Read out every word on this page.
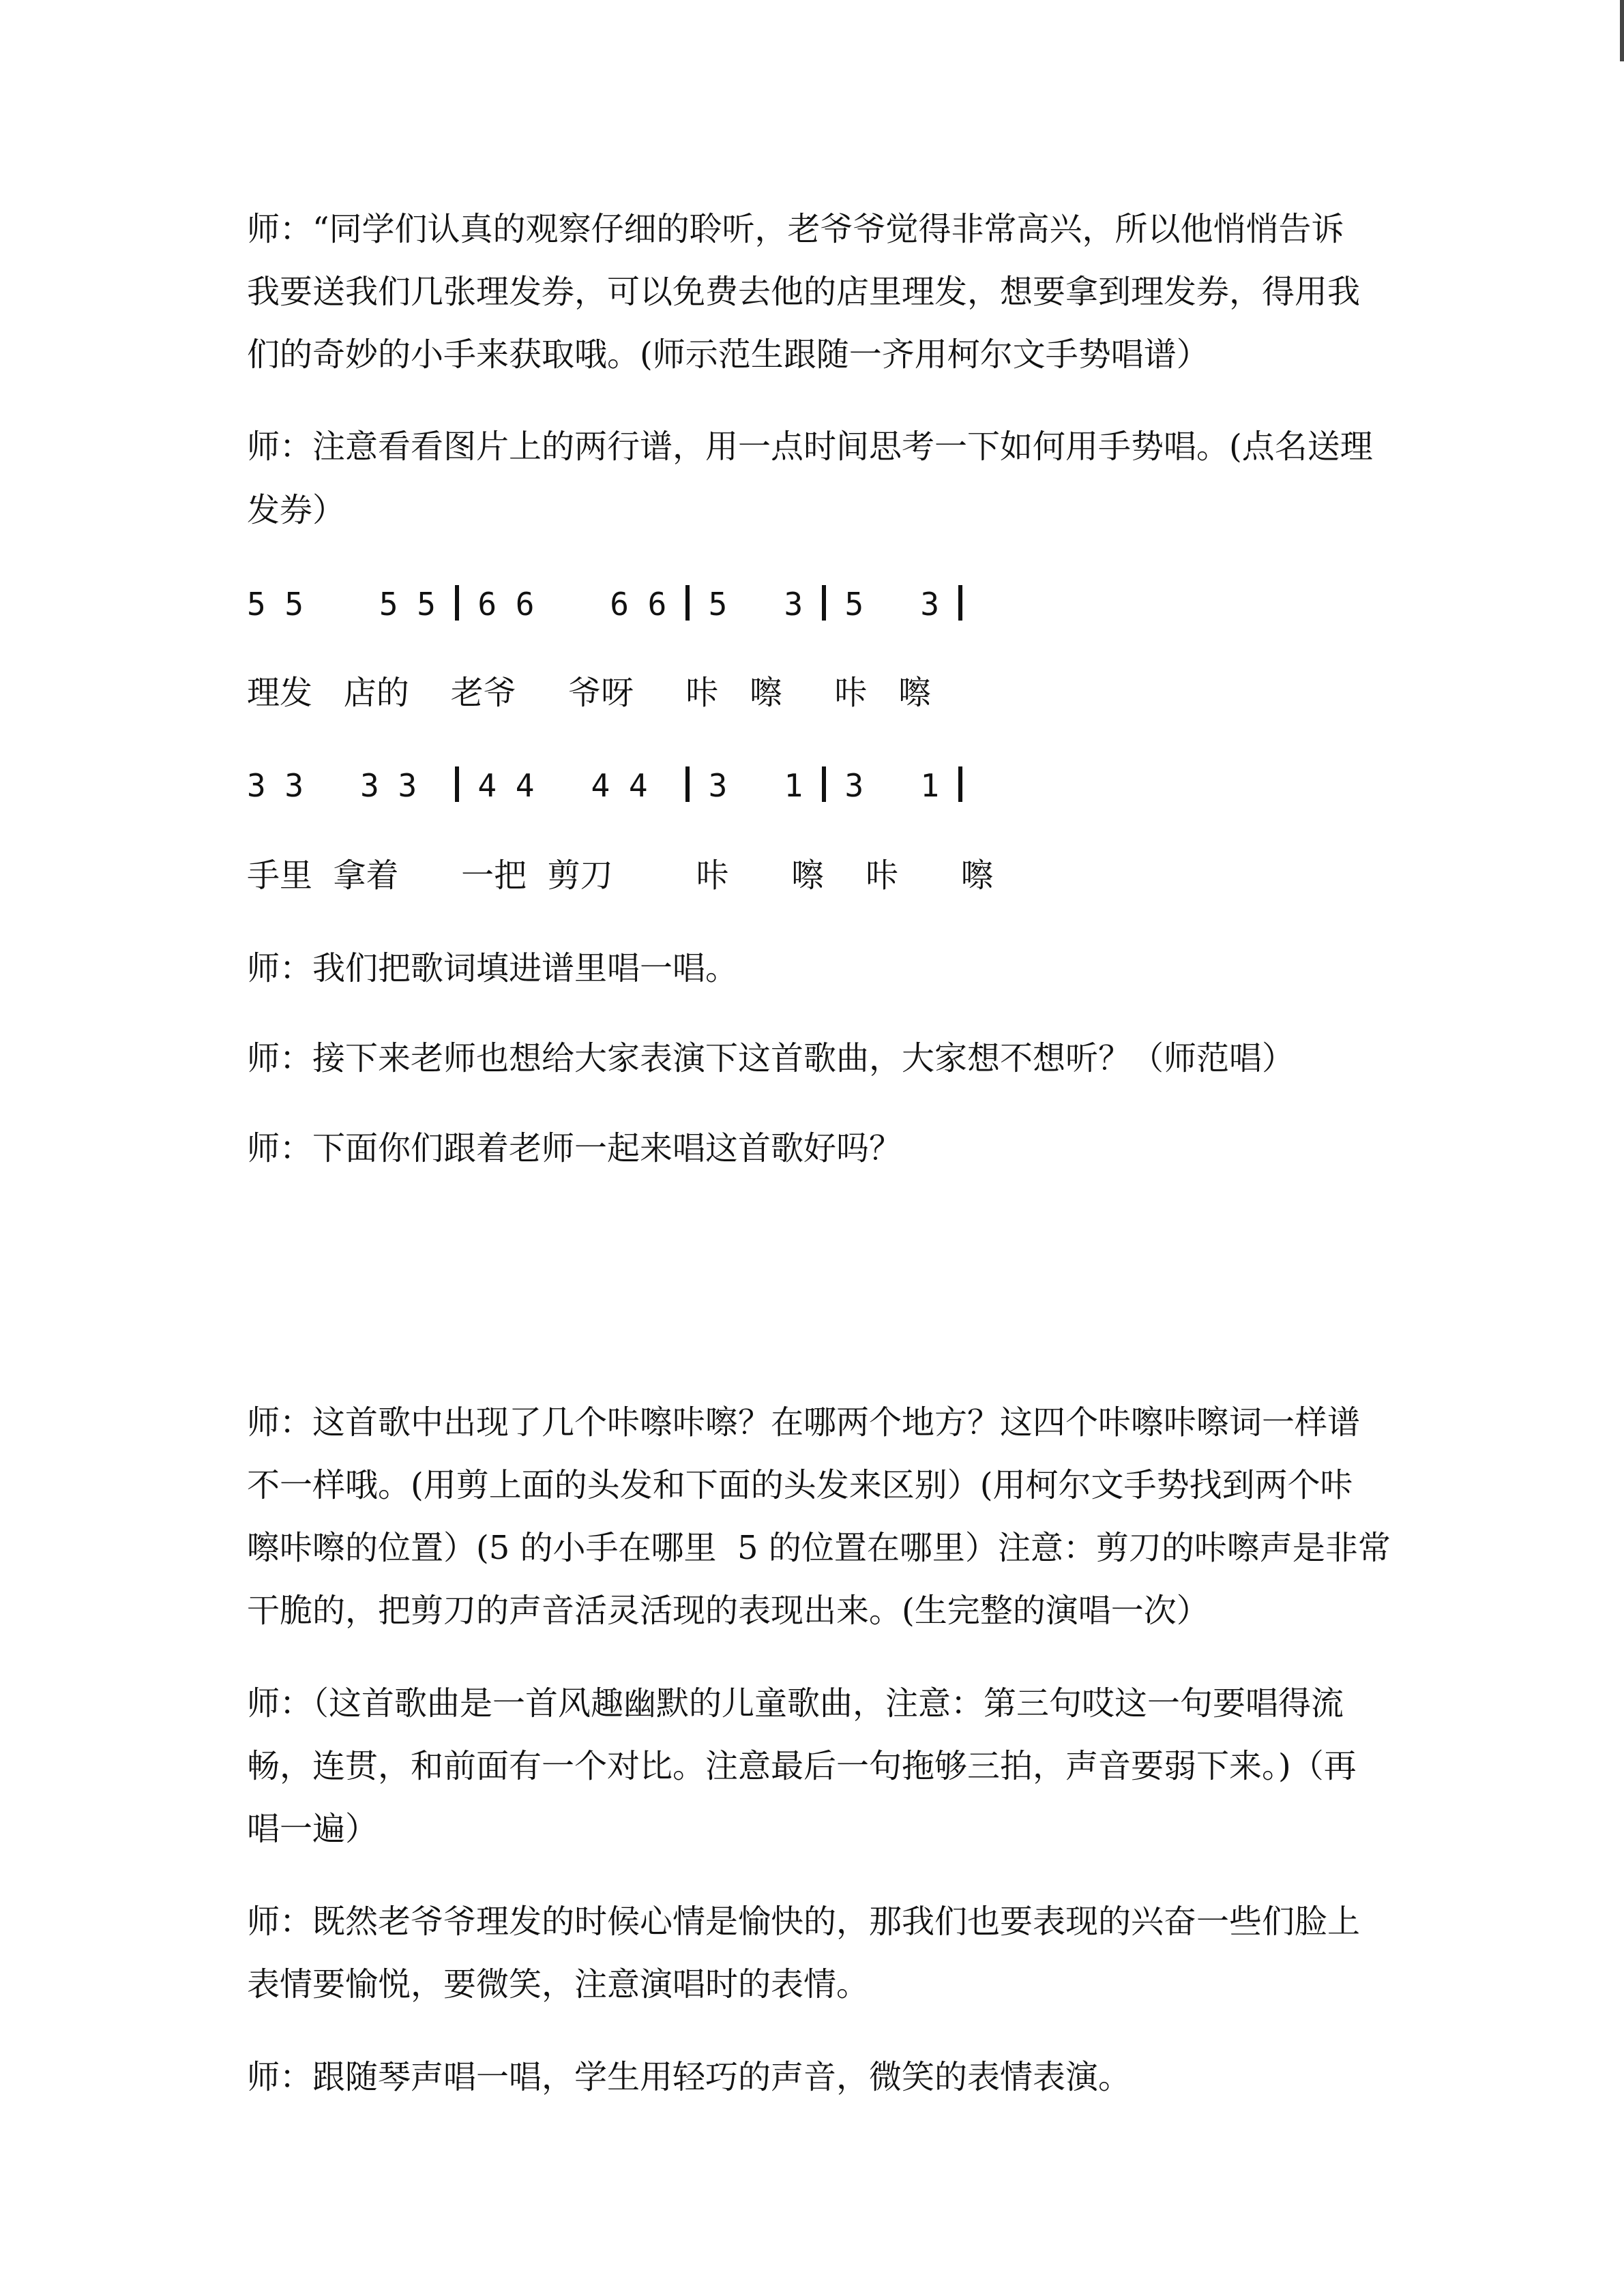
师：“同学们认真的观察仔细的聆听，老爷爷觉得非常高兴，所以他悄悄告诉
我要送我们几张理发券，可以免费去他的店里理发，想要拿到理发券，得用我
们的奇妙的小手来获取哦。(师示范生跟随一齐用柯尔文手势唱谱）
师：注意看看图片上的两行谱，用一点时间思考一下如何用手势唱。(点名送理
发券）
5 5    5 5  6 6    6 6  5   3  5   3
理发   店的    老爷     爷呀     咔   嚓     咔   嚓
3 3   3 3   4 4   4 4   3   1  3   1
手里  拿着      一把  剪刀        咔      嚓    咔      嚓
师：我们把歌词填进谱里唱一唱。
师：接下来老师也想给大家表演下这首歌曲，大家想不想听？（师范唱）
师：下面你们跟着老师一起来唱这首歌好吗？
师：这首歌中出现了几个咔嚓咔嚓？在哪两个地方？这四个咔嚓咔嚓词一样谱
不一样哦。(用剪上面的头发和下面的头发来区别）(用柯尔文手势找到两个咔
嚓咔嚓的位置）(5 的小手在哪里  5 的位置在哪里）注意：剪刀的咔嚓声是非常
干脆的，把剪刀的声音活灵活现的表现出来。(生完整的演唱一次）
师：（这首歌曲是一首风趣幽默的儿童歌曲，注意：第三句哎这一句要唱得流
畅，连贯，和前面有一个对比。注意最后一句拖够三拍，声音要弱下来。)（再
唱一遍）
师：既然老爷爷理发的时候心情是愉快的，那我们也要表现的兴奋一些们脸上
表情要愉悦，要微笑，注意演唱时的表情。
师：跟随琴声唱一唱，学生用轻巧的声音，微笑的表情表演。
